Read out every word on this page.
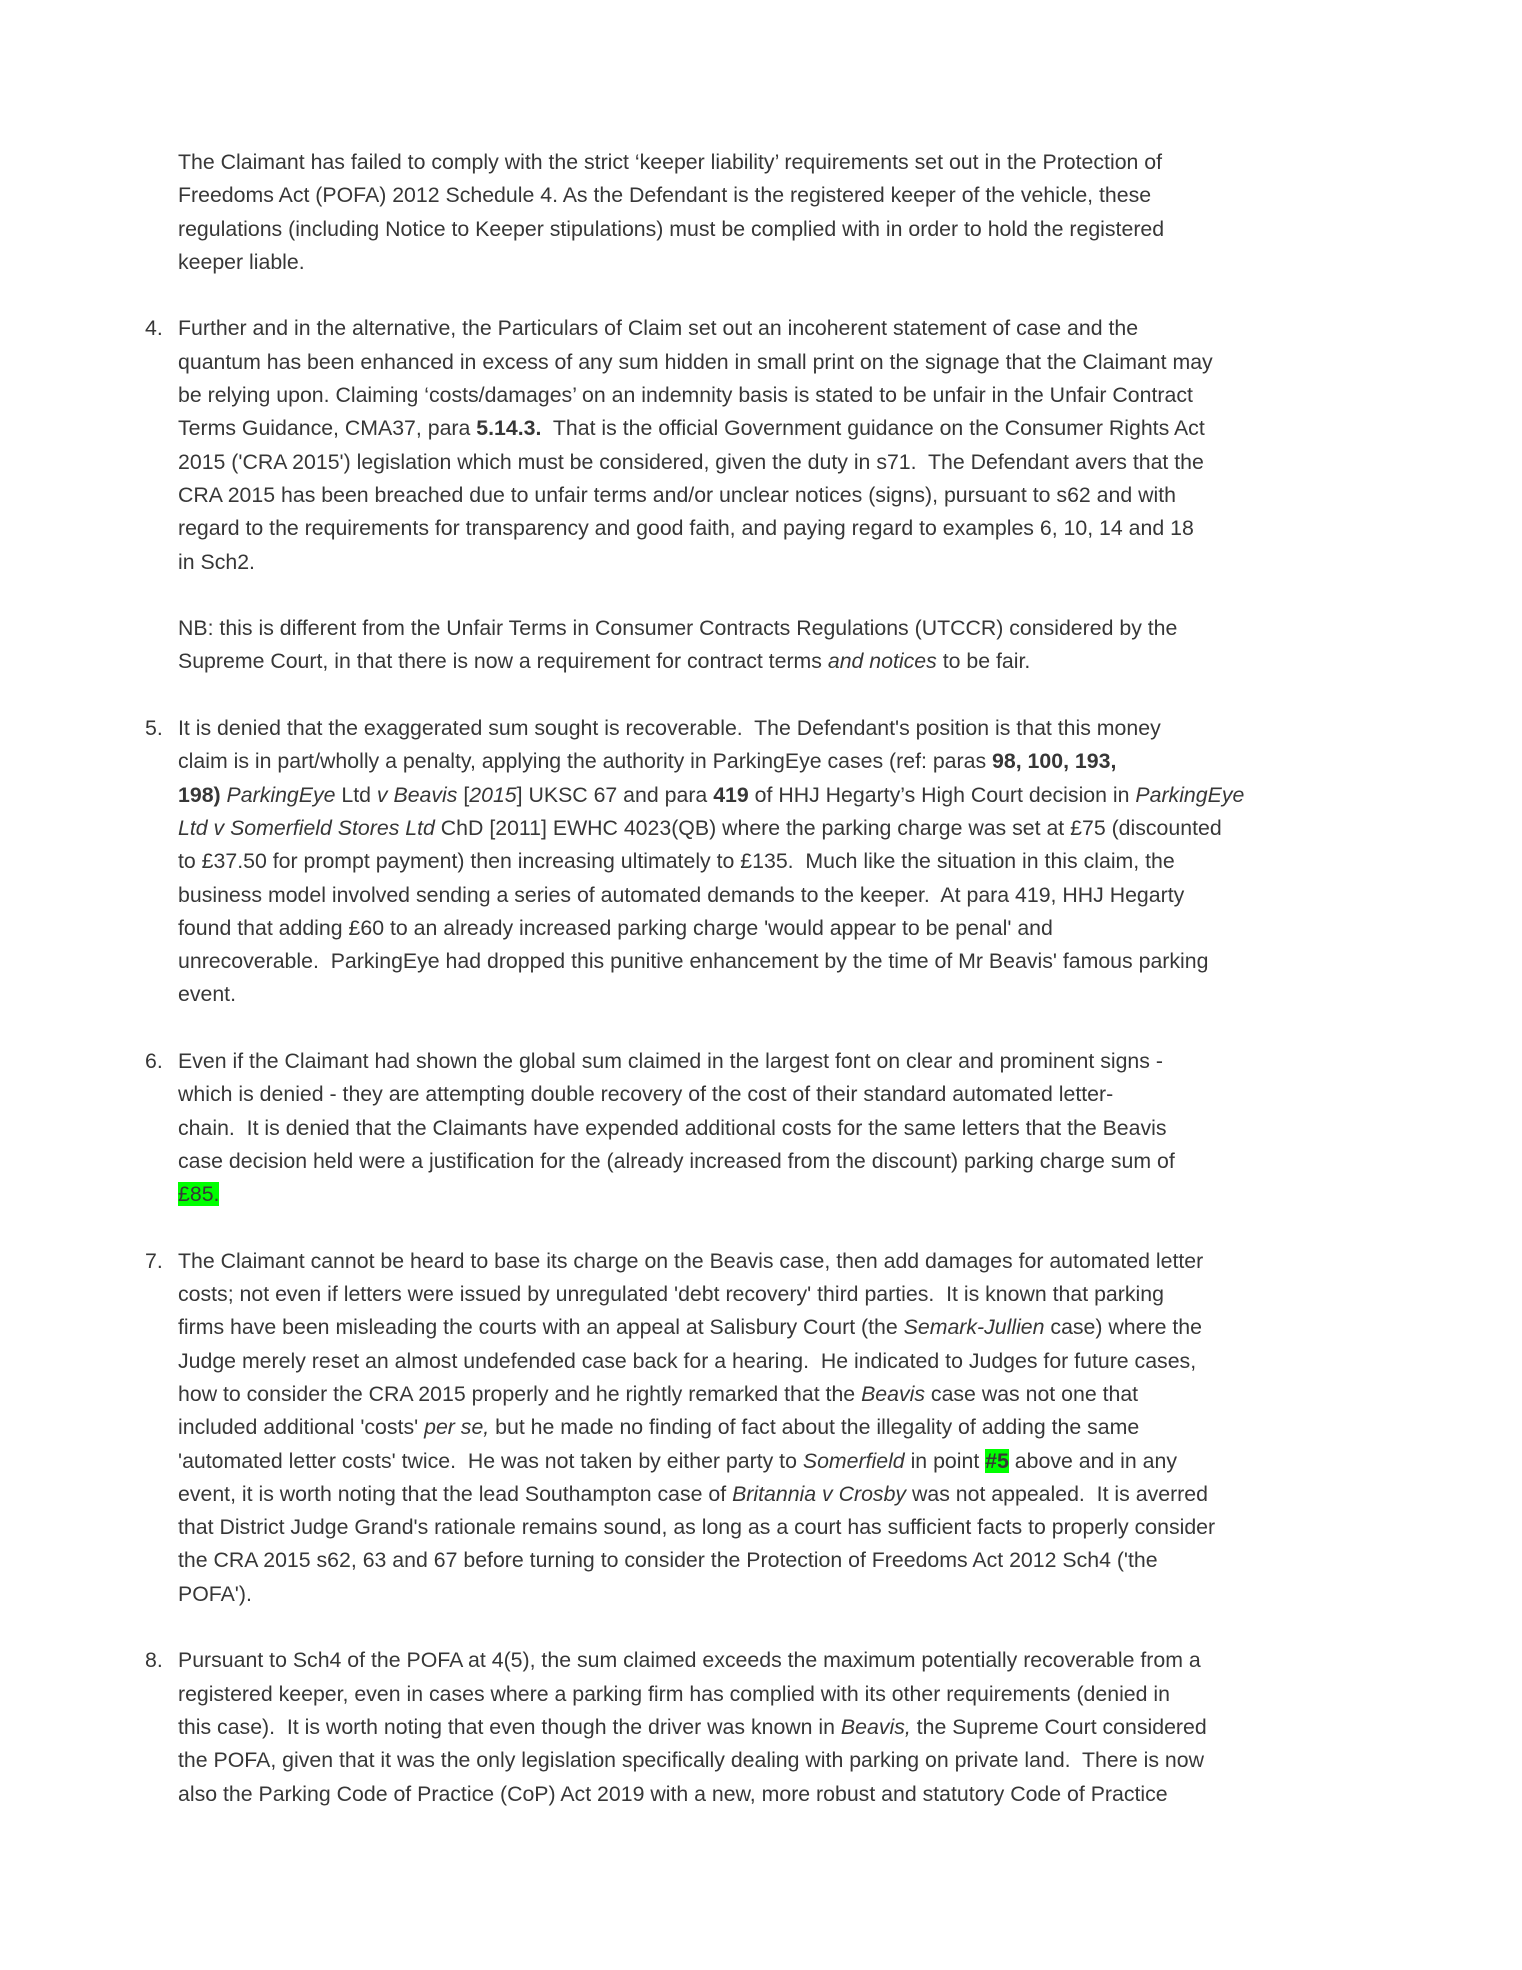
The Claimant has failed to comply with the strict ‘keeper liability’ requirements set out in the Protection of
Freedoms Act (POFA) 2012 Schedule 4. As the Defendant is the registered keeper of the vehicle, these
regulations (including Notice to Keeper stipulations) must be complied with in order to hold the registered
keeper liable.
4. Further and in the alternative, the Particulars of Claim set out an incoherent statement of case and the
quantum has been enhanced in excess of any sum hidden in small print on the signage that the Claimant may
be relying upon. Claiming ‘costs/damages’ on an indemnity basis is stated to be unfair in the Unfair Contract
Terms Guidance, CMA37, para 5.14.3.  That is the official Government guidance on the Consumer Rights Act
2015 ('CRA 2015') legislation which must be considered, given the duty in s71.  The Defendant avers that the
CRA 2015 has been breached due to unfair terms and/or unclear notices (signs), pursuant to s62 and with
regard to the requirements for transparency and good faith, and paying regard to examples 6, 10, 14 and 18
in Sch2.
NB: this is different from the Unfair Terms in Consumer Contracts Regulations (UTCCR) considered by the
Supreme Court, in that there is now a requirement for contract terms and notices to be fair.
5. It is denied that the exaggerated sum sought is recoverable.  The Defendant's position is that this money
claim is in part/wholly a penalty, applying the authority in ParkingEye cases (ref: paras 98, 100, 193,
198) ParkingEye Ltd v Beavis [2015] UKSC 67 and para 419 of HHJ Hegarty’s High Court decision in ParkingEye
Ltd v Somerfield Stores Ltd ChD [2011] EWHC 4023(QB) where the parking charge was set at £75 (discounted
to £37.50 for prompt payment) then increasing ultimately to £135.  Much like the situation in this claim, the
business model involved sending a series of automated demands to the keeper.  At para 419, HHJ Hegarty
found that adding £60 to an already increased parking charge 'would appear to be penal' and
unrecoverable.  ParkingEye had dropped this punitive enhancement by the time of Mr Beavis' famous parking
event.
6. Even if the Claimant had shown the global sum claimed in the largest font on clear and prominent signs -
which is denied - they are attempting double recovery of the cost of their standard automated letter-
chain.  It is denied that the Claimants have expended additional costs for the same letters that the Beavis
case decision held were a justification for the (already increased from the discount) parking charge sum of
£85.
7. The Claimant cannot be heard to base its charge on the Beavis case, then add damages for automated letter
costs; not even if letters were issued by unregulated 'debt recovery' third parties.  It is known that parking
firms have been misleading the courts with an appeal at Salisbury Court (the Semark-Jullien case) where the
Judge merely reset an almost undefended case back for a hearing.  He indicated to Judges for future cases,
how to consider the CRA 2015 properly and he rightly remarked that the Beavis case was not one that
included additional 'costs' per se, but he made no finding of fact about the illegality of adding the same
'automated letter costs' twice.  He was not taken by either party to Somerfield in point #5 above and in any
event, it is worth noting that the lead Southampton case of Britannia v Crosby was not appealed.  It is averred
that District Judge Grand's rationale remains sound, as long as a court has sufficient facts to properly consider
the CRA 2015 s62, 63 and 67 before turning to consider the Protection of Freedoms Act 2012 Sch4 ('the
POFA').
8. Pursuant to Sch4 of the POFA at 4(5), the sum claimed exceeds the maximum potentially recoverable from a
registered keeper, even in cases where a parking firm has complied with its other requirements (denied in
this case).  It is worth noting that even though the driver was known in Beavis, the Supreme Court considered
the POFA, given that it was the only legislation specifically dealing with parking on private land.  There is now
also the Parking Code of Practice (CoP) Act 2019 with a new, more robust and statutory Code of Practice
